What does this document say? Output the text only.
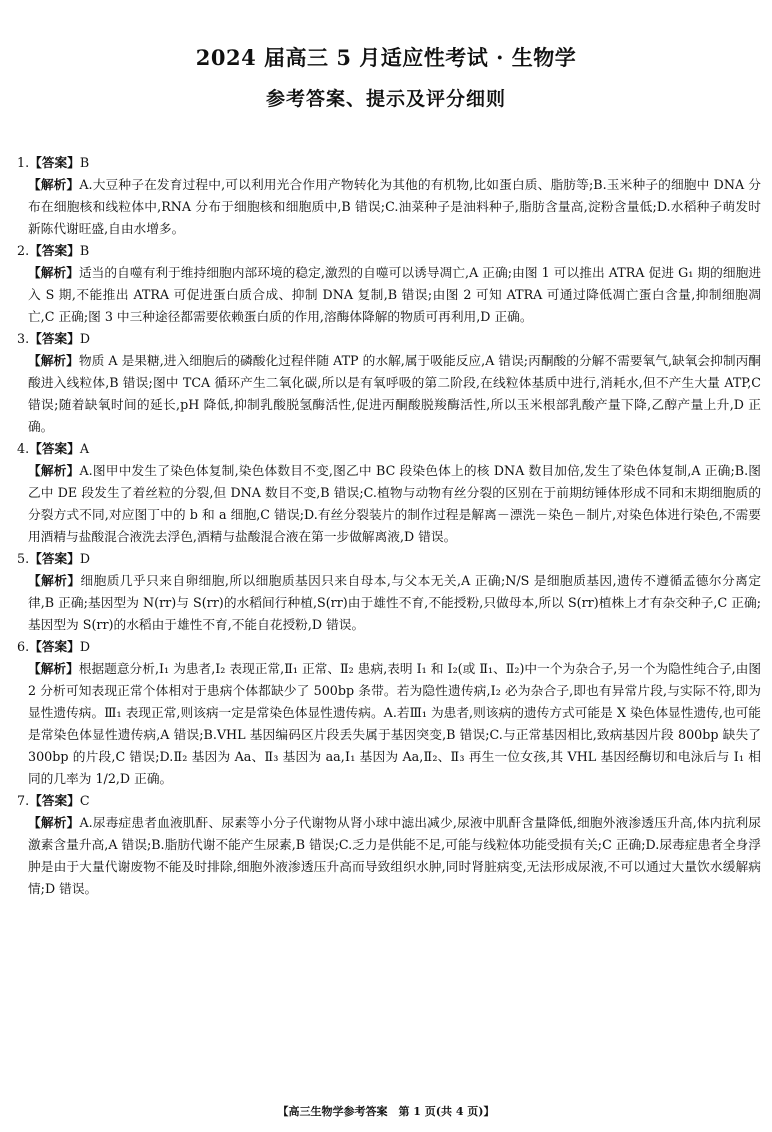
2024 届高三 5 月适应性考试 · 生物学
参考答案、提示及评分细则
1.【答案】B
【解析】A.大豆种子在发育过程中,可以利用光合作用产物转化为其他的有机物,比如蛋白质、脂肪等;B.玉米种子的细胞中 DNA 分布在细胞核和线粒体中,RNA 分布于细胞核和细胞质中,B 错误;C.油菜种子是油料种子,脂肪含量高,淀粉含量低;D.水稻种子萌发时新陈代谢旺盛,自由水增多。
2.【答案】B
【解析】适当的自噬有利于维持细胞内部环境的稳定,激烈的自噬可以诱导凋亡,A 正确;由图 1 可以推出 ATRA 促进 G₁ 期的细胞进入 S 期,不能推出 ATRA 可促进蛋白质合成、抑制 DNA 复制,B 错误;由图 2 可知 ATRA 可通过降低凋亡蛋白含量,抑制细胞凋亡,C 正确;图 3 中三种途径都需要依赖蛋白质的作用,溶酶体降解的物质可再利用,D 正确。
3.【答案】D
【解析】物质 A 是果糖,进入细胞后的磷酸化过程伴随 ATP 的水解,属于吸能反应,A 错误;丙酮酸的分解不需要氧气,缺氧会抑制丙酮酸进入线粒体,B 错误;图中 TCA 循环产生二氧化碳,所以是有氧呼吸的第二阶段,在线粒体基质中进行,消耗水,但不产生大量 ATP,C 错误;随着缺氧时间的延长,pH 降低,抑制乳酸脱氢酶活性,促进丙酮酸脱羧酶活性,所以玉米根部乳酸产量下降,乙醇产量上升,D 正确。
4.【答案】A
【解析】A.图甲中发生了染色体复制,染色体数目不变,图乙中 BC 段染色体上的核 DNA 数目加倍,发生了染色体复制,A 正确;B.图乙中 DE 段发生了着丝粒的分裂,但 DNA 数目不变,B 错误;C.植物与动物有丝分裂的区别在于前期纺锤体形成不同和末期细胞质的分裂方式不同,对应图丁中的 b 和 a 细胞,C 错误;D.有丝分裂装片的制作过程是解离－漂洗－染色－制片,对染色体进行染色,不需要用酒精与盐酸混合液洗去浮色,酒精与盐酸混合液在第一步做解离液,D 错误。
5.【答案】D
【解析】细胞质几乎只来自卵细胞,所以细胞质基因只来自母本,与父本无关,A 正确;N/S 是细胞质基因,遗传不遵循孟德尔分离定律,B 正确;基因型为 N(rr)与 S(rr)的水稻间行种植,S(rr)由于雄性不育,不能授粉,只做母本,所以 S(rr)植株上才有杂交种子,C 正确;基因型为 S(rr)的水稻由于雄性不育,不能自花授粉,D 错误。
6.【答案】D
【解析】根据题意分析,Ⅰ₁ 为患者,Ⅰ₂ 表现正常,Ⅱ₁ 正常、Ⅱ₂ 患病,表明 Ⅰ₁ 和 Ⅰ₂(或 Ⅱ₁、Ⅱ₂)中一个为杂合子,另一个为隐性纯合子,由图 2 分析可知表现正常个体相对于患病个体都缺少了 500bp 条带。若为隐性遗传病,Ⅰ₂ 必为杂合子,即也有异常片段,与实际不符,即为显性遗传病。Ⅲ₁ 表现正常,则该病一定是常染色体显性遗传病。A.若Ⅲ₁ 为患者,则该病的遗传方式可能是 X 染色体显性遗传,也可能是常染色体显性遗传病,A 错误;B.VHL 基因编码区片段丢失属于基因突变,B 错误;C.与正常基因相比,致病基因片段 800bp 缺失了 300bp 的片段,C 错误;D.Ⅱ₂ 基因为 Aa、Ⅱ₃ 基因为 aa,Ⅰ₁ 基因为 Aa,Ⅱ₂、Ⅱ₃ 再生一位女孩,其 VHL 基因经酶切和电泳后与 Ⅰ₁ 相同的几率为 1/2,D 正确。
7.【答案】C
【解析】A.尿毒症患者血液肌酐、尿素等小分子代谢物从肾小球中滤出减少,尿液中肌酐含量降低,细胞外液渗透压升高,体内抗利尿激素含量升高,A 错误;B.脂肪代谢不能产生尿素,B 错误;C.乏力是供能不足,可能与线粒体功能受损有关;C 正确;D.尿毒症患者全身浮肿是由于大量代谢废物不能及时排除,细胞外液渗透压升高而导致组织水肿,同时肾脏病变,无法形成尿液,不可以通过大量饮水缓解病情;D 错误。
【高三生物学参考答案　第 1 页(共 4 页)】
